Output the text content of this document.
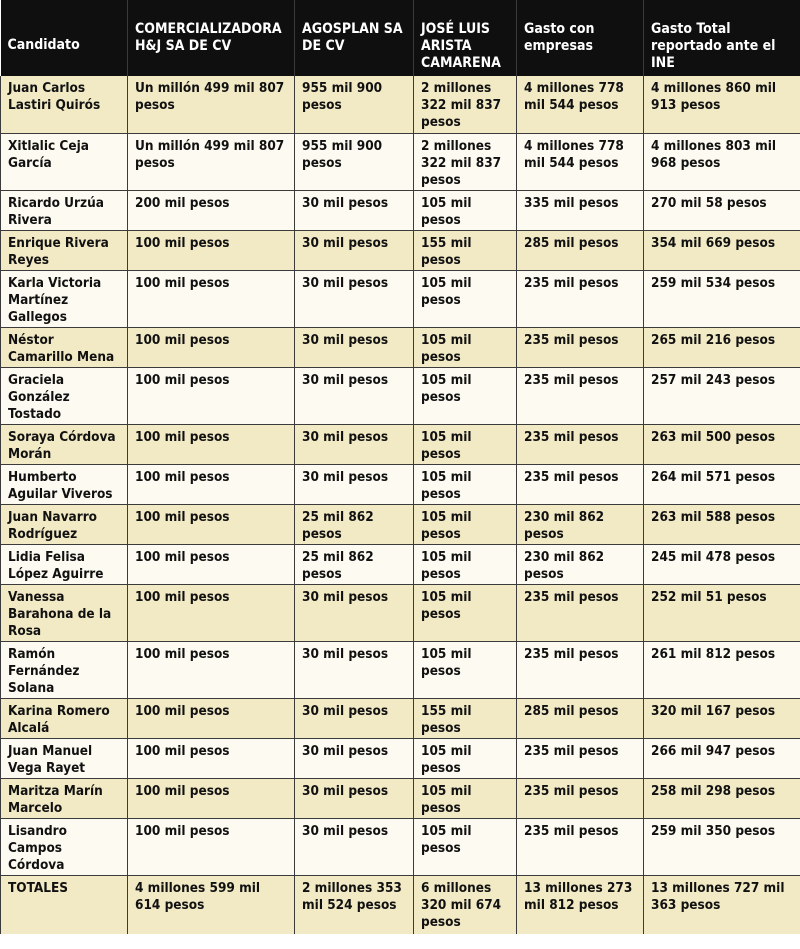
Candidato	COMERCIALIZADORA H&J SA DE CV	AGOSPLAN SA DE CV	JOSÉ LUIS ARISTA CAMARENA	Gasto con empresas	Gasto Total reportado ante el INE
Juan Carlos Lastiri Quirós	Un millón 499 mil 807 pesos	955 mil 900 pesos	2 millones 322 mil 837 pesos	4 millones 778 mil 544 pesos	4 millones 860 mil 913 pesos
Xitlalic Ceja García	Un millón 499 mil 807 pesos	955 mil 900 pesos	2 millones 322 mil 837 pesos	4 millones 778 mil 544 pesos	4 millones 803 mil 968 pesos
Ricardo Urzúa Rivera	200 mil pesos	30 mil pesos	105 mil pesos	335 mil pesos	270 mil 58 pesos
Enrique Rivera Reyes	100 mil pesos	30 mil pesos	155 mil pesos	285 mil pesos	354 mil 669 pesos
Karla Victoria Martínez Gallegos	100 mil pesos	30 mil pesos	105 mil pesos	235 mil pesos	259 mil 534 pesos
Néstor Camarillo Mena	100 mil pesos	30 mil pesos	105 mil pesos	235 mil pesos	265 mil 216 pesos
Graciela González Tostado	100 mil pesos	30 mil pesos	105 mil pesos	235 mil pesos	257 mil 243 pesos
Soraya Córdova Morán	100 mil pesos	30 mil pesos	105 mil pesos	235 mil pesos	263 mil 500 pesos
Humberto Aguilar Viveros	100 mil pesos	30 mil pesos	105 mil pesos	235 mil pesos	264 mil 571 pesos
Juan Navarro Rodríguez	100 mil pesos	25 mil 862 pesos	105 mil pesos	230 mil 862 pesos	263 mil 588 pesos
Lidia Felisa López Aguirre	100 mil pesos	25 mil 862 pesos	105 mil pesos	230 mil 862 pesos	245 mil 478 pesos
Vanessa Barahona de la Rosa	100 mil pesos	30 mil pesos	105 mil pesos	235 mil pesos	252 mil 51 pesos
Ramón Fernández Solana	100 mil pesos	30 mil pesos	105 mil pesos	235 mil pesos	261 mil 812 pesos
Karina Romero Alcalá	100 mil pesos	30 mil pesos	155 mil pesos	285 mil pesos	320 mil 167 pesos
Juan Manuel Vega Rayet	100 mil pesos	30 mil pesos	105 mil pesos	235 mil pesos	266 mil 947 pesos
Maritza Marín Marcelo	100 mil pesos	30 mil pesos	105 mil pesos	235 mil pesos	258 mil 298 pesos
Lisandro Campos Córdova	100 mil pesos	30 mil pesos	105 mil pesos	235 mil pesos	259 mil 350 pesos
TOTALES	4 millones 599 mil 614 pesos	2 millones 353 mil 524 pesos	6 millones 320 mil 674 pesos	13 millones 273 mil 812 pesos	13 millones 727 mil 363 pesos
